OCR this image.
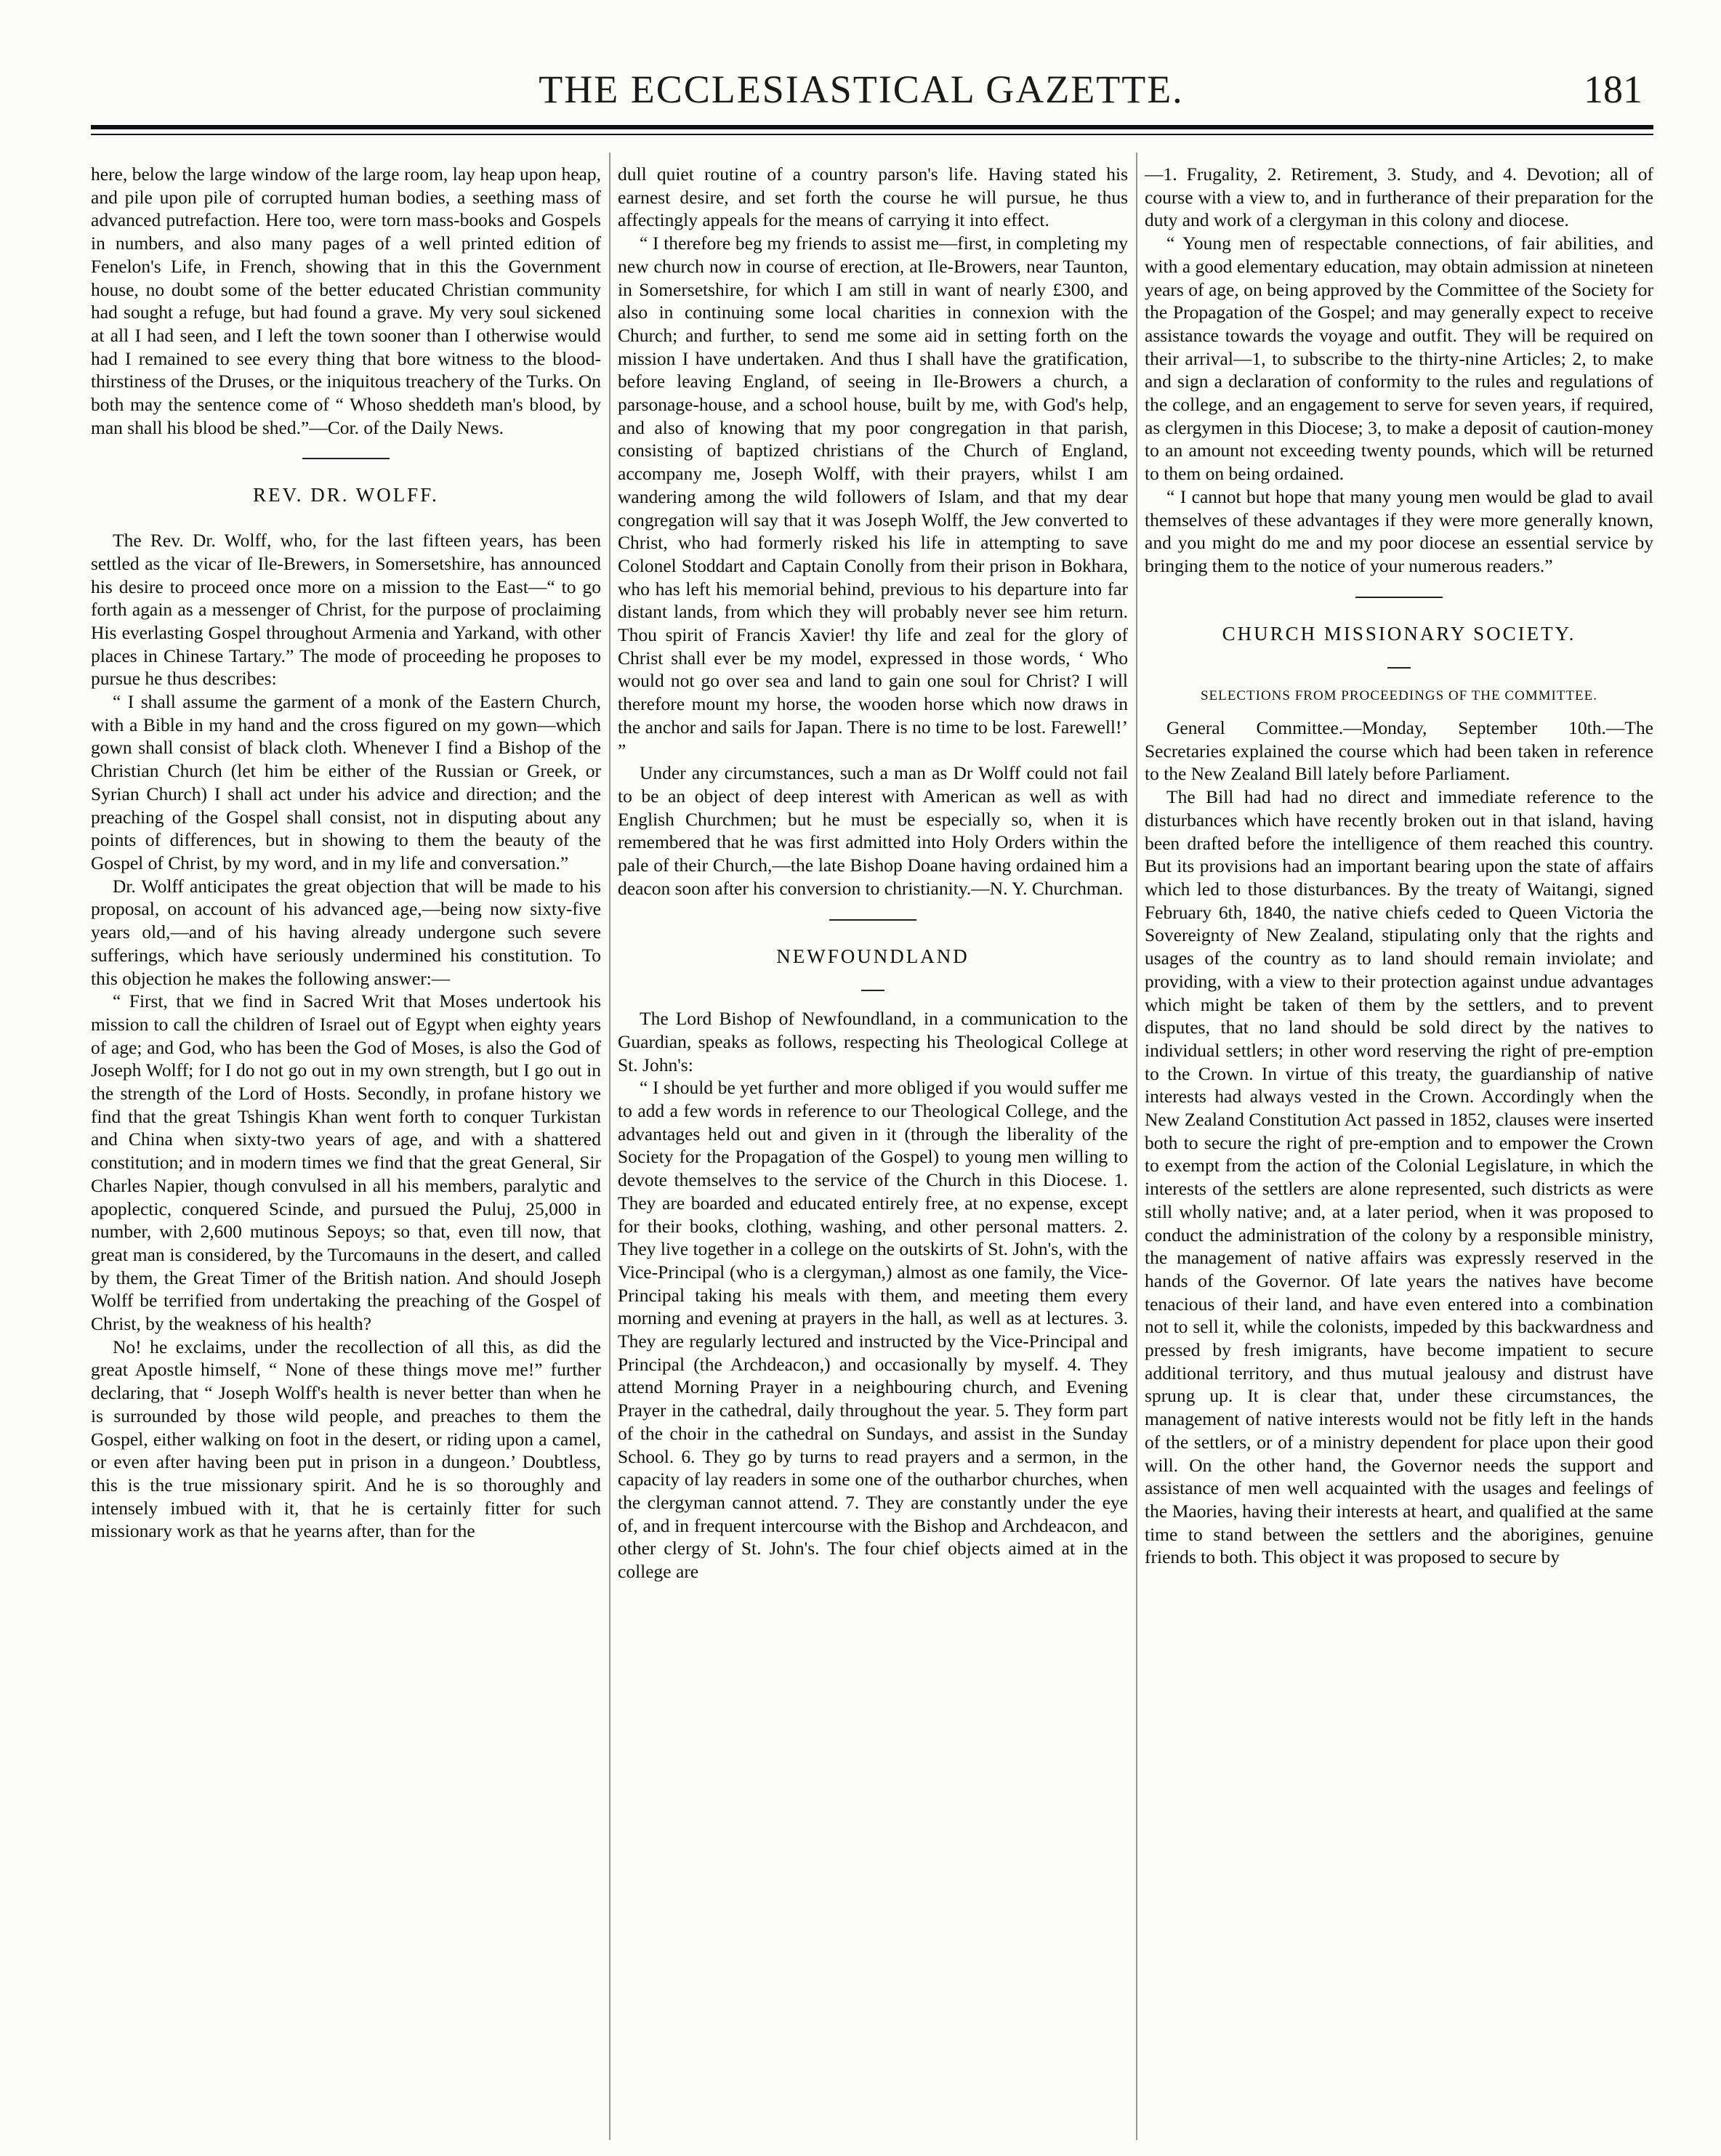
THE ECCLESIASTICAL GAZETTE.	181

here, below the large window of the large room, lay heap upon heap, and pile upon pile of corrupted human bodies, a seething mass of advanced putrefaction. Here too, were torn mass-books and Gospels in numbers, and also many pages of a well printed edition of Fenelon's Life, in French, showing that in this the Government house, no doubt some of the better educated Christian community had sought a refuge, but had found a grave. My very soul sickened at all I had seen, and I left the town sooner than I otherwise would had I remained to see every thing that bore witness to the blood-thirstiness of the Druses, or the iniquitous treachery of the Turks. On both may the sentence come of “ Whoso sheddeth man's blood, by man shall his blood be shed.”—Cor. of the Daily News.

REV. DR. WOLFF.

The Rev. Dr. Wolff, who, for the last fifteen years, has been settled as the vicar of Ile-Brewers, in Somersetshire, has announced his desire to proceed once more on a mission to the East—“ to go forth again as a messenger of Christ, for the purpose of proclaiming His everlasting Gospel throughout Armenia and Yarkand, with other places in Chinese Tartary.” The mode of proceeding he proposes to pursue he thus describes:

“ I shall assume the garment of a monk of the Eastern Church, with a Bible in my hand and the cross figured on my gown—which gown shall consist of black cloth. Whenever I find a Bishop of the Christian Church (let him be either of the Russian or Greek, or Syrian Church) I shall act under his advice and direction; and the preaching of the Gospel shall consist, not in disputing about any points of differences, but in showing to them the beauty of the Gospel of Christ, by my word, and in my life and conversation.”

Dr. Wolff anticipates the great objection that will be made to his proposal, on account of his advanced age,—being now sixty-five years old,—and of his having already undergone such severe sufferings, which have seriously undermined his constitution. To this objection he makes the following answer:—

“ First, that we find in Sacred Writ that Moses undertook his mission to call the children of Israel out of Egypt when eighty years of age; and God, who has been the God of Moses, is also the God of Joseph Wolff; for I do not go out in my own strength, but I go out in the strength of the Lord of Hosts. Secondly, in profane history we find that the great Tshingis Khan went forth to conquer Turkistan and China when sixty-two years of age, and with a shattered constitution; and in modern times we find that the great General, Sir Charles Napier, though convulsed in all his members, paralytic and apoplectic, conquered Scinde, and pursued the Puluj, 25,000 in number, with 2,600 mutinous Sepoys; so that, even till now, that great man is considered, by the Turcomauns in the desert, and called by them, the Great Timer of the British nation. And should Joseph Wolff be terrified from undertaking the preaching of the Gospel of Christ, by the weakness of his health?

No! he exclaims, under the recollection of all this, as did the great Apostle himself, “ None of these things move me!” further declaring, that “ Joseph Wolff's health is never better than when he is surrounded by those wild people, and preaches to them the Gospel, either walking on foot in the desert, or riding upon a camel, or even after having been put in prison in a dungeon.’ Doubtless, this is the true missionary spirit. And he is so thoroughly and intensely imbued with it, that he is certainly fitter for such missionary work as that he yearns after, than for the

dull quiet routine of a country parson's life. Having stated his earnest desire, and set forth the course he will pursue, he thus affectingly appeals for the means of carrying it into effect.

“ I therefore beg my friends to assist me—first, in completing my new church now in course of erection, at Ile-Browers, near Taunton, in Somersetshire, for which I am still in want of nearly £300, and also in continuing some local charities in connexion with the Church; and further, to send me some aid in setting forth on the mission I have undertaken. And thus I shall have the gratification, before leaving England, of seeing in Ile-Browers a church, a parsonage-house, and a school house, built by me, with God's help, and also of knowing that my poor congregation in that parish, consisting of baptized christians of the Church of England, accompany me, Joseph Wolff, with their prayers, whilst I am wandering among the wild followers of Islam, and that my dear congregation will say that it was Joseph Wolff, the Jew converted to Christ, who had formerly risked his life in attempting to save Colonel Stoddart and Captain Conolly from their prison in Bokhara, who has left his memorial behind, previous to his departure into far distant lands, from which they will probably never see him return. Thou spirit of Francis Xavier! thy life and zeal for the glory of Christ shall ever be my model, expressed in those words, ‘ Who would not go over sea and land to gain one soul for Christ? I will therefore mount my horse, the wooden horse which now draws in the anchor and sails for Japan. There is no time to be lost. Farewell!’ ”

Under any circumstances, such a man as Dr Wolff could not fail to be an object of deep interest with American as well as with English Churchmen; but he must be especially so, when it is remembered that he was first admitted into Holy Orders within the pale of their Church,—the late Bishop Doane having ordained him a deacon soon after his conversion to christianity.—N. Y. Churchman.

NEWFOUNDLAND

The Lord Bishop of Newfoundland, in a communication to the Guardian, speaks as follows, respecting his Theological College at St. John's:

“ I should be yet further and more obliged if you would suffer me to add a few words in reference to our Theological College, and the advantages held out and given in it (through the liberality of the Society for the Propagation of the Gospel) to young men willing to devote themselves to the service of the Church in this Diocese. 1. They are boarded and educated entirely free, at no expense, except for their books, clothing, washing, and other personal matters. 2. They live together in a college on the outskirts of St. John's, with the Vice-Principal (who is a clergyman,) almost as one family, the Vice-Principal taking his meals with them, and meeting them every morning and evening at prayers in the hall, as well as at lectures. 3. They are regularly lectured and instructed by the Vice-Principal and Principal (the Archdeacon,) and occasionally by myself. 4. They attend Morning Prayer in a neighbouring church, and Evening Prayer in the cathedral, daily throughout the year. 5. They form part of the choir in the cathedral on Sundays, and assist in the Sunday School. 6. They go by turns to read prayers and a sermon, in the capacity of lay readers in some one of the outharbor churches, when the clergyman cannot attend. 7. They are constantly under the eye of, and in frequent intercourse with the Bishop and Archdeacon, and other clergy of St. John's. The four chief objects aimed at in the college are

—1. Frugality, 2. Retirement, 3. Study, and 4. Devotion; all of course with a view to, and in furtherance of their preparation for the duty and work of a clergyman in this colony and diocese.

“ Young men of respectable connections, of fair abilities, and with a good elementary education, may obtain admission at nineteen years of age, on being approved by the Committee of the Society for the Propagation of the Gospel; and may generally expect to receive assistance towards the voyage and outfit. They will be required on their arrival—1, to subscribe to the thirty-nine Articles; 2, to make and sign a declaration of conformity to the rules and regulations of the college, and an engagement to serve for seven years, if required, as clergymen in this Diocese; 3, to make a deposit of caution-money to an amount not exceeding twenty pounds, which will be returned to them on being ordained.

“ I cannot but hope that many young men would be glad to avail themselves of these advantages if they were more generally known, and you might do me and my poor diocese an essential service by bringing them to the notice of your numerous readers.”

CHURCH MISSIONARY SOCIETY.

SELECTIONS FROM PROCEEDINGS OF THE COMMITTEE.

General Committee.—Monday, September 10th.—The Secretaries explained the course which had been taken in reference to the New Zealand Bill lately before Parliament.

The Bill had had no direct and immediate reference to the disturbances which have recently broken out in that island, having been drafted before the intelligence of them reached this country. But its provisions had an important bearing upon the state of affairs which led to those disturbances. By the treaty of Waitangi, signed February 6th, 1840, the native chiefs ceded to Queen Victoria the Sovereignty of New Zealand, stipulating only that the rights and usages of the country as to land should remain inviolate; and providing, with a view to their protection against undue advantages which might be taken of them by the settlers, and to prevent disputes, that no land should be sold direct by the natives to individual settlers; in other word reserving the right of pre-emption to the Crown. In virtue of this treaty, the guardianship of native interests had always vested in the Crown. Accordingly when the New Zealand Constitution Act passed in 1852, clauses were inserted both to secure the right of pre-emption and to empower the Crown to exempt from the action of the Colonial Legislature, in which the interests of the settlers are alone represented, such districts as were still wholly native; and, at a later period, when it was proposed to conduct the administration of the colony by a responsible ministry, the management of native affairs was expressly reserved in the hands of the Governor. Of late years the natives have become tenacious of their land, and have even entered into a combination not to sell it, while the colonists, impeded by this backwardness and pressed by fresh imigrants, have become impatient to secure additional territory, and thus mutual jealousy and distrust have sprung up. It is clear that, under these circumstances, the management of native interests would not be fitly left in the hands of the settlers, or of a ministry dependent for place upon their good will. On the other hand, the Governor needs the support and assistance of men well acquainted with the usages and feelings of the Maories, having their interests at heart, and qualified at the same time to stand between the settlers and the aborigines, genuine friends to both. This object it was proposed to secure by
